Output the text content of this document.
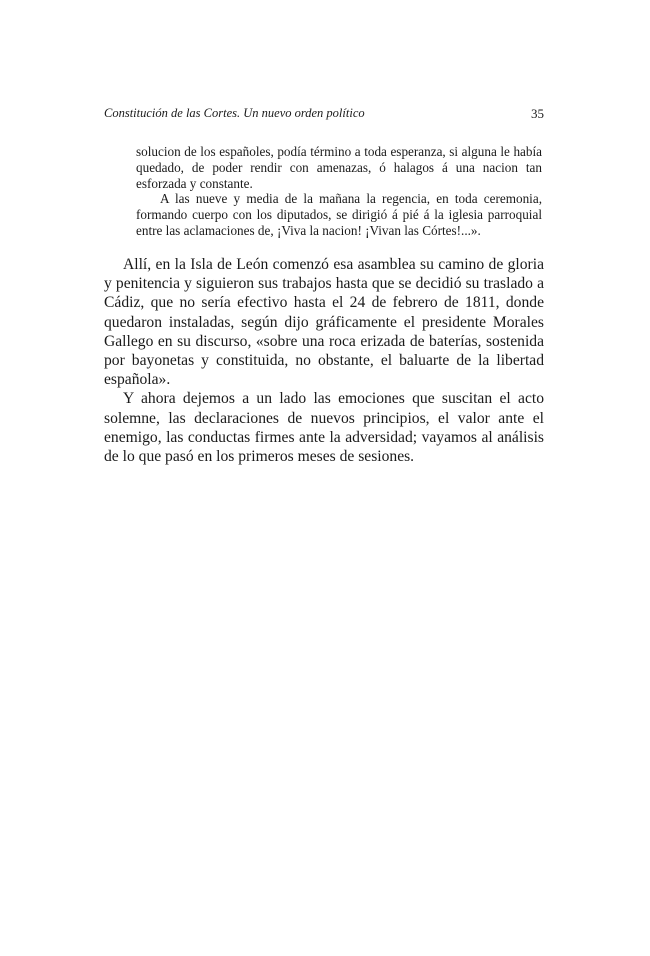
Constitución de las Cortes. Un nuevo orden político	35

solucion de los españoles, podía término a toda esperanza, si alguna le había quedado, de poder rendir con amenazas, ó halagos á una nacion tan esforzada y constante.

A las nueve y media de la mañana la regencia, en toda ceremonia, formando cuerpo con los diputados, se dirigió á pié á la iglesia parroquial entre las aclamaciones de, ¡Viva la nacion! ¡Vivan las Córtes!...».

Allí, en la Isla de León comenzó esa asamblea su camino de gloria y penitencia y siguieron sus trabajos hasta que se decidió su traslado a Cádiz, que no sería efectivo hasta el 24 de febrero de 1811, donde quedaron instaladas, según dijo gráficamente el presidente Morales Gallego en su discurso, «sobre una roca erizada de baterías, sostenida por bayonetas y constituida, no obstante, el baluarte de la libertad española».

Y ahora dejemos a un lado las emociones que suscitan el acto solemne, las declaraciones de nuevos principios, el valor ante el enemigo, las conductas firmes ante la adversidad; vayamos al análisis de lo que pasó en los primeros meses de sesiones.
